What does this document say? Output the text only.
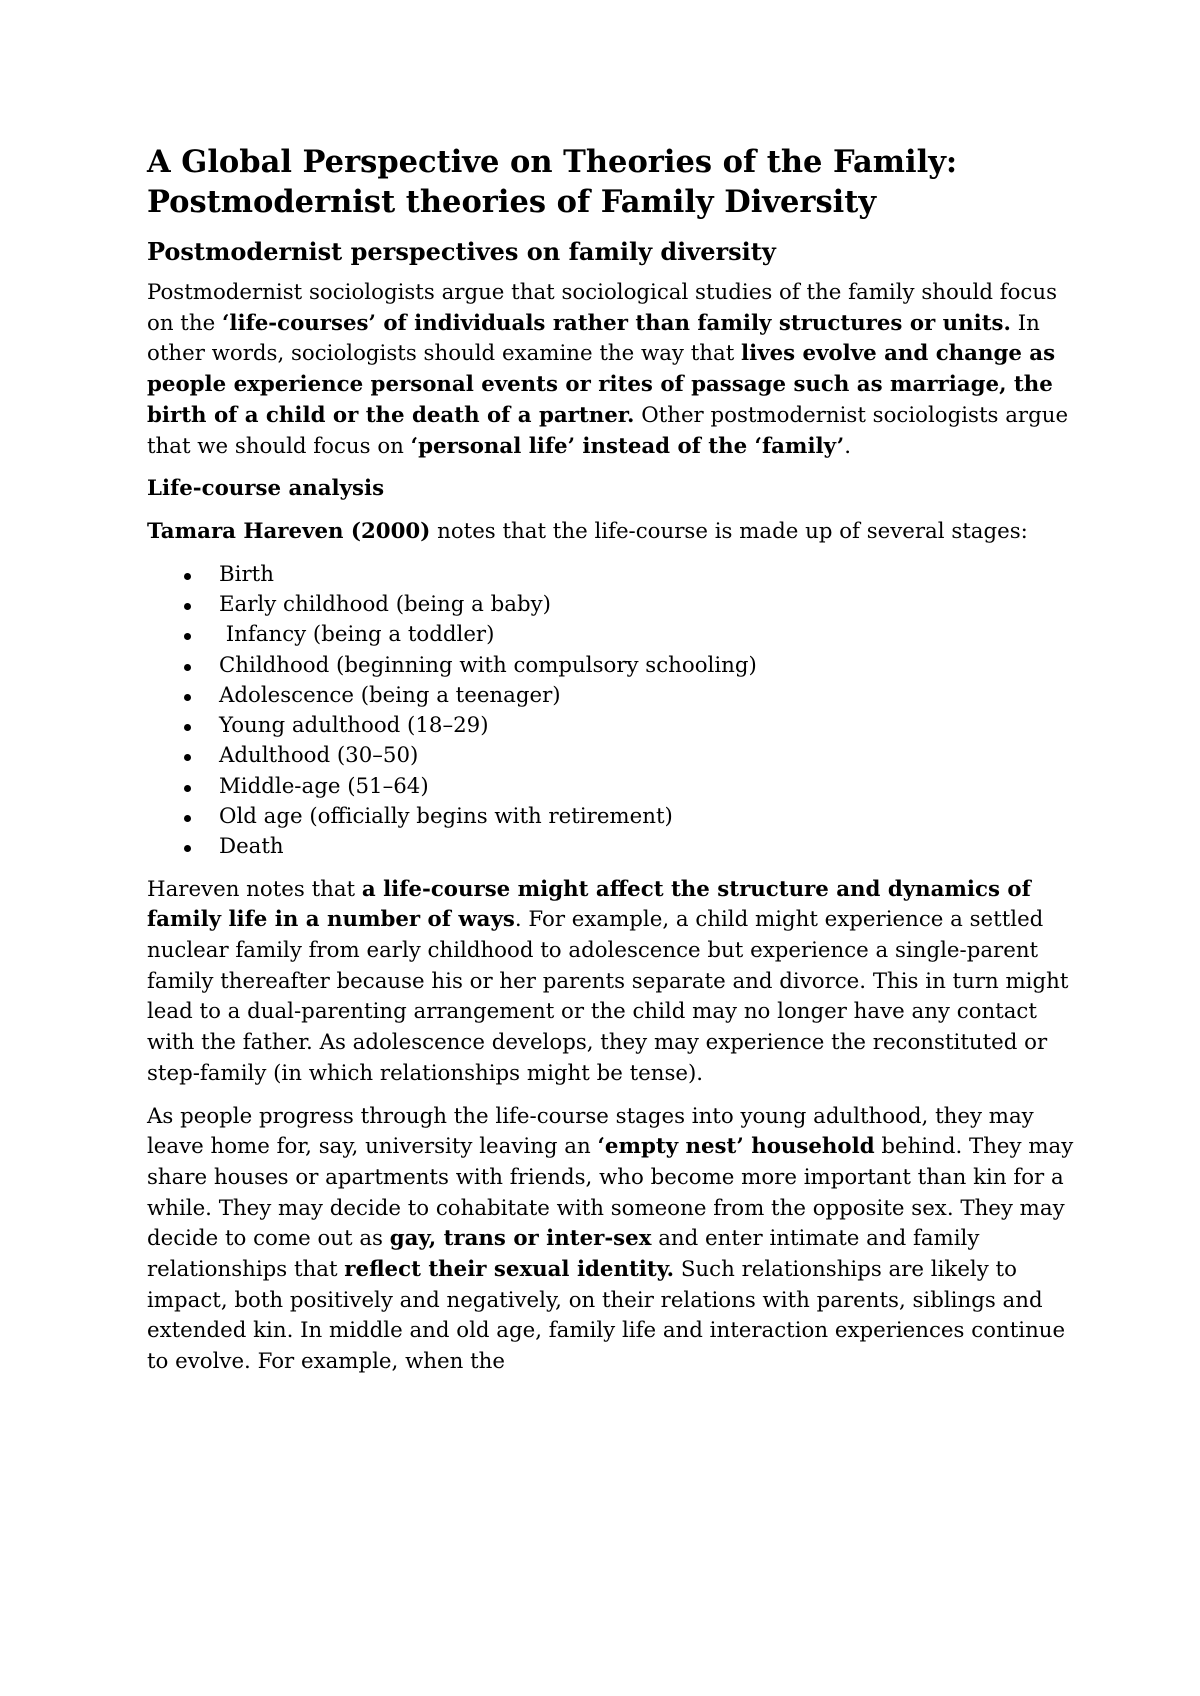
A Global Perspective on Theories of the Family:
Postmodernist theories of Family Diversity
Postmodernist perspectives on family diversity

Postmodernist sociologists argue that sociological studies of the family should focus on the ‘life-courses’ of individuals rather than family structures or units. In other words, sociologists should examine the way that lives evolve and change as people experience personal events or rites of passage such as marriage, the birth of a child or the death of a partner. Other postmodernist sociologists argue that we should focus on ‘personal life’ instead of the ‘family’.

Life-course analysis

Tamara Hareven (2000) notes that the life-course is made up of several stages:

Birth
Early childhood (being a baby)
Infancy (being a toddler)
Childhood (beginning with compulsory schooling)
Adolescence (being a teenager)
Young adulthood (18–29)
Adulthood (30–50)
Middle-age (51–64)
Old age (officially begins with retirement)
Death

Hareven notes that a life-course might affect the structure and dynamics of family life in a number of ways. For example, a child might experience a settled nuclear family from early childhood to adolescence but experience a single-parent family thereafter because his or her parents separate and divorce. This in turn might lead to a dual-parenting arrangement or the child may no longer have any contact with the father. As adolescence develops, they may experience the reconstituted or step-family (in which relationships might be tense).

As people progress through the life-course stages into young adulthood, they may leave home for, say, university leaving an ‘empty nest’ household behind. They may share houses or apartments with friends, who become more important than kin for a while. They may decide to cohabitate with someone from the opposite sex. They may decide to come out as gay, trans or inter-sex and enter intimate and family relationships that reflect their sexual identity. Such relationships are likely to impact, both positively and negatively, on their relations with parents, siblings and extended kin. In middle and old age, family life and interaction experiences continue to evolve. For example, when the
